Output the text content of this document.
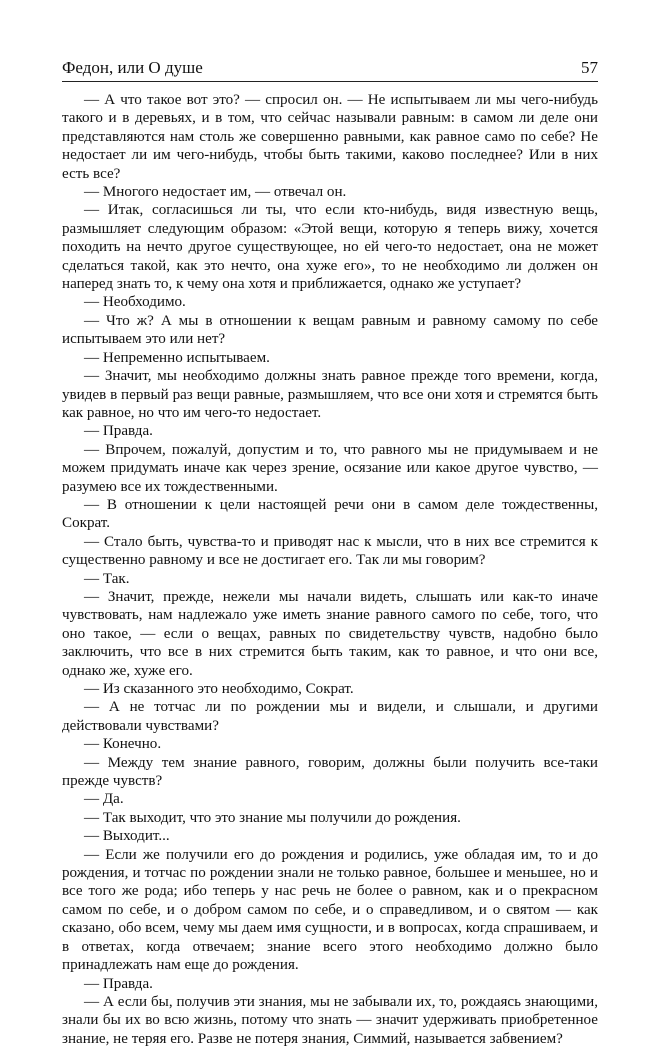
Федон, или О душе	57

— А что такое вот это? — спросил он. — Не испытываем ли мы чего-нибудь такого и в деревьях, и в том, что сейчас называли равным: в самом ли деле они представляются нам столь же совершенно равными, как равное само по себе? Не недостает ли им чего-нибудь, чтобы быть такими, каково последнее? Или в них есть все?

— Многого недостает им, — отвечал он.

— Итак, согласишься ли ты, что если кто-нибудь, видя известную вещь, размышляет следующим образом: «Этой вещи, которую я теперь вижу, хочется походить на нечто другое существующее, но ей чего-то недостает, она не может сделаться такой, как это нечто, она хуже его», то не необходимо ли должен он наперед знать то, к чему она хотя и приближается, однако же уступает?

— Необходимо.

— Что ж? А мы в отношении к вещам равным и равному самому по себе испытываем это или нет?

— Непременно испытываем.

— Значит, мы необходимо должны знать равное прежде того времени, когда, увидев в первый раз вещи равные, размышляем, что все они хотя и стремятся быть как равное, но что им чего-то недостает.

— Правда.

— Впрочем, пожалуй, допустим и то, что равного мы не придумываем и не можем придумать иначе как через зрение, осязание или какое другое чувство, — разумею все их тождественными.

— В отношении к цели настоящей речи они в самом деле тождественны, Сократ.

— Стало быть, чувства-то и приводят нас к мысли, что в них все стремится к существенно равному и все не достигает его. Так ли мы говорим?

— Так.

— Значит, прежде, нежели мы начали видеть, слышать или как-то иначе чувствовать, нам надлежало уже иметь знание равного самого по себе, того, что оно такое, — если о вещах, равных по свидетельству чувств, надобно было заключить, что все в них стремится быть таким, как то равное, и что они все, однако же, хуже его.

— Из сказанного это необходимо, Сократ.

— А не тотчас ли по рождении мы и видели, и слышали, и другими действовали чувствами?

— Конечно.

— Между тем знание равного, говорим, должны были получить все-таки прежде чувств?

— Да.

— Так выходит, что это знание мы получили до рождения.

— Выходит...

— Если же получили его до рождения и родились, уже обладая им, то и до рождения, и тотчас по рождении знали не только равное, большее и меньшее, но и все того же рода; ибо теперь у нас речь не более о равном, как и о прекрасном самом по себе, и о добром самом по себе, и о справедливом, и о святом — как сказано, обо всем, чему мы даем имя сущности, и в вопросах, когда спрашиваем, и в ответах, когда отвечаем; знание всего этого необходимо должно было принадлежать нам еще до рождения.

— Правда.

— А если бы, получив эти знания, мы не забывали их, то, рождаясь знающими, знали бы их во всю жизнь, потому что знать — значит удерживать приобретенное знание, не теряя его. Разве не потеря знания, Симмий, называется забвением?
